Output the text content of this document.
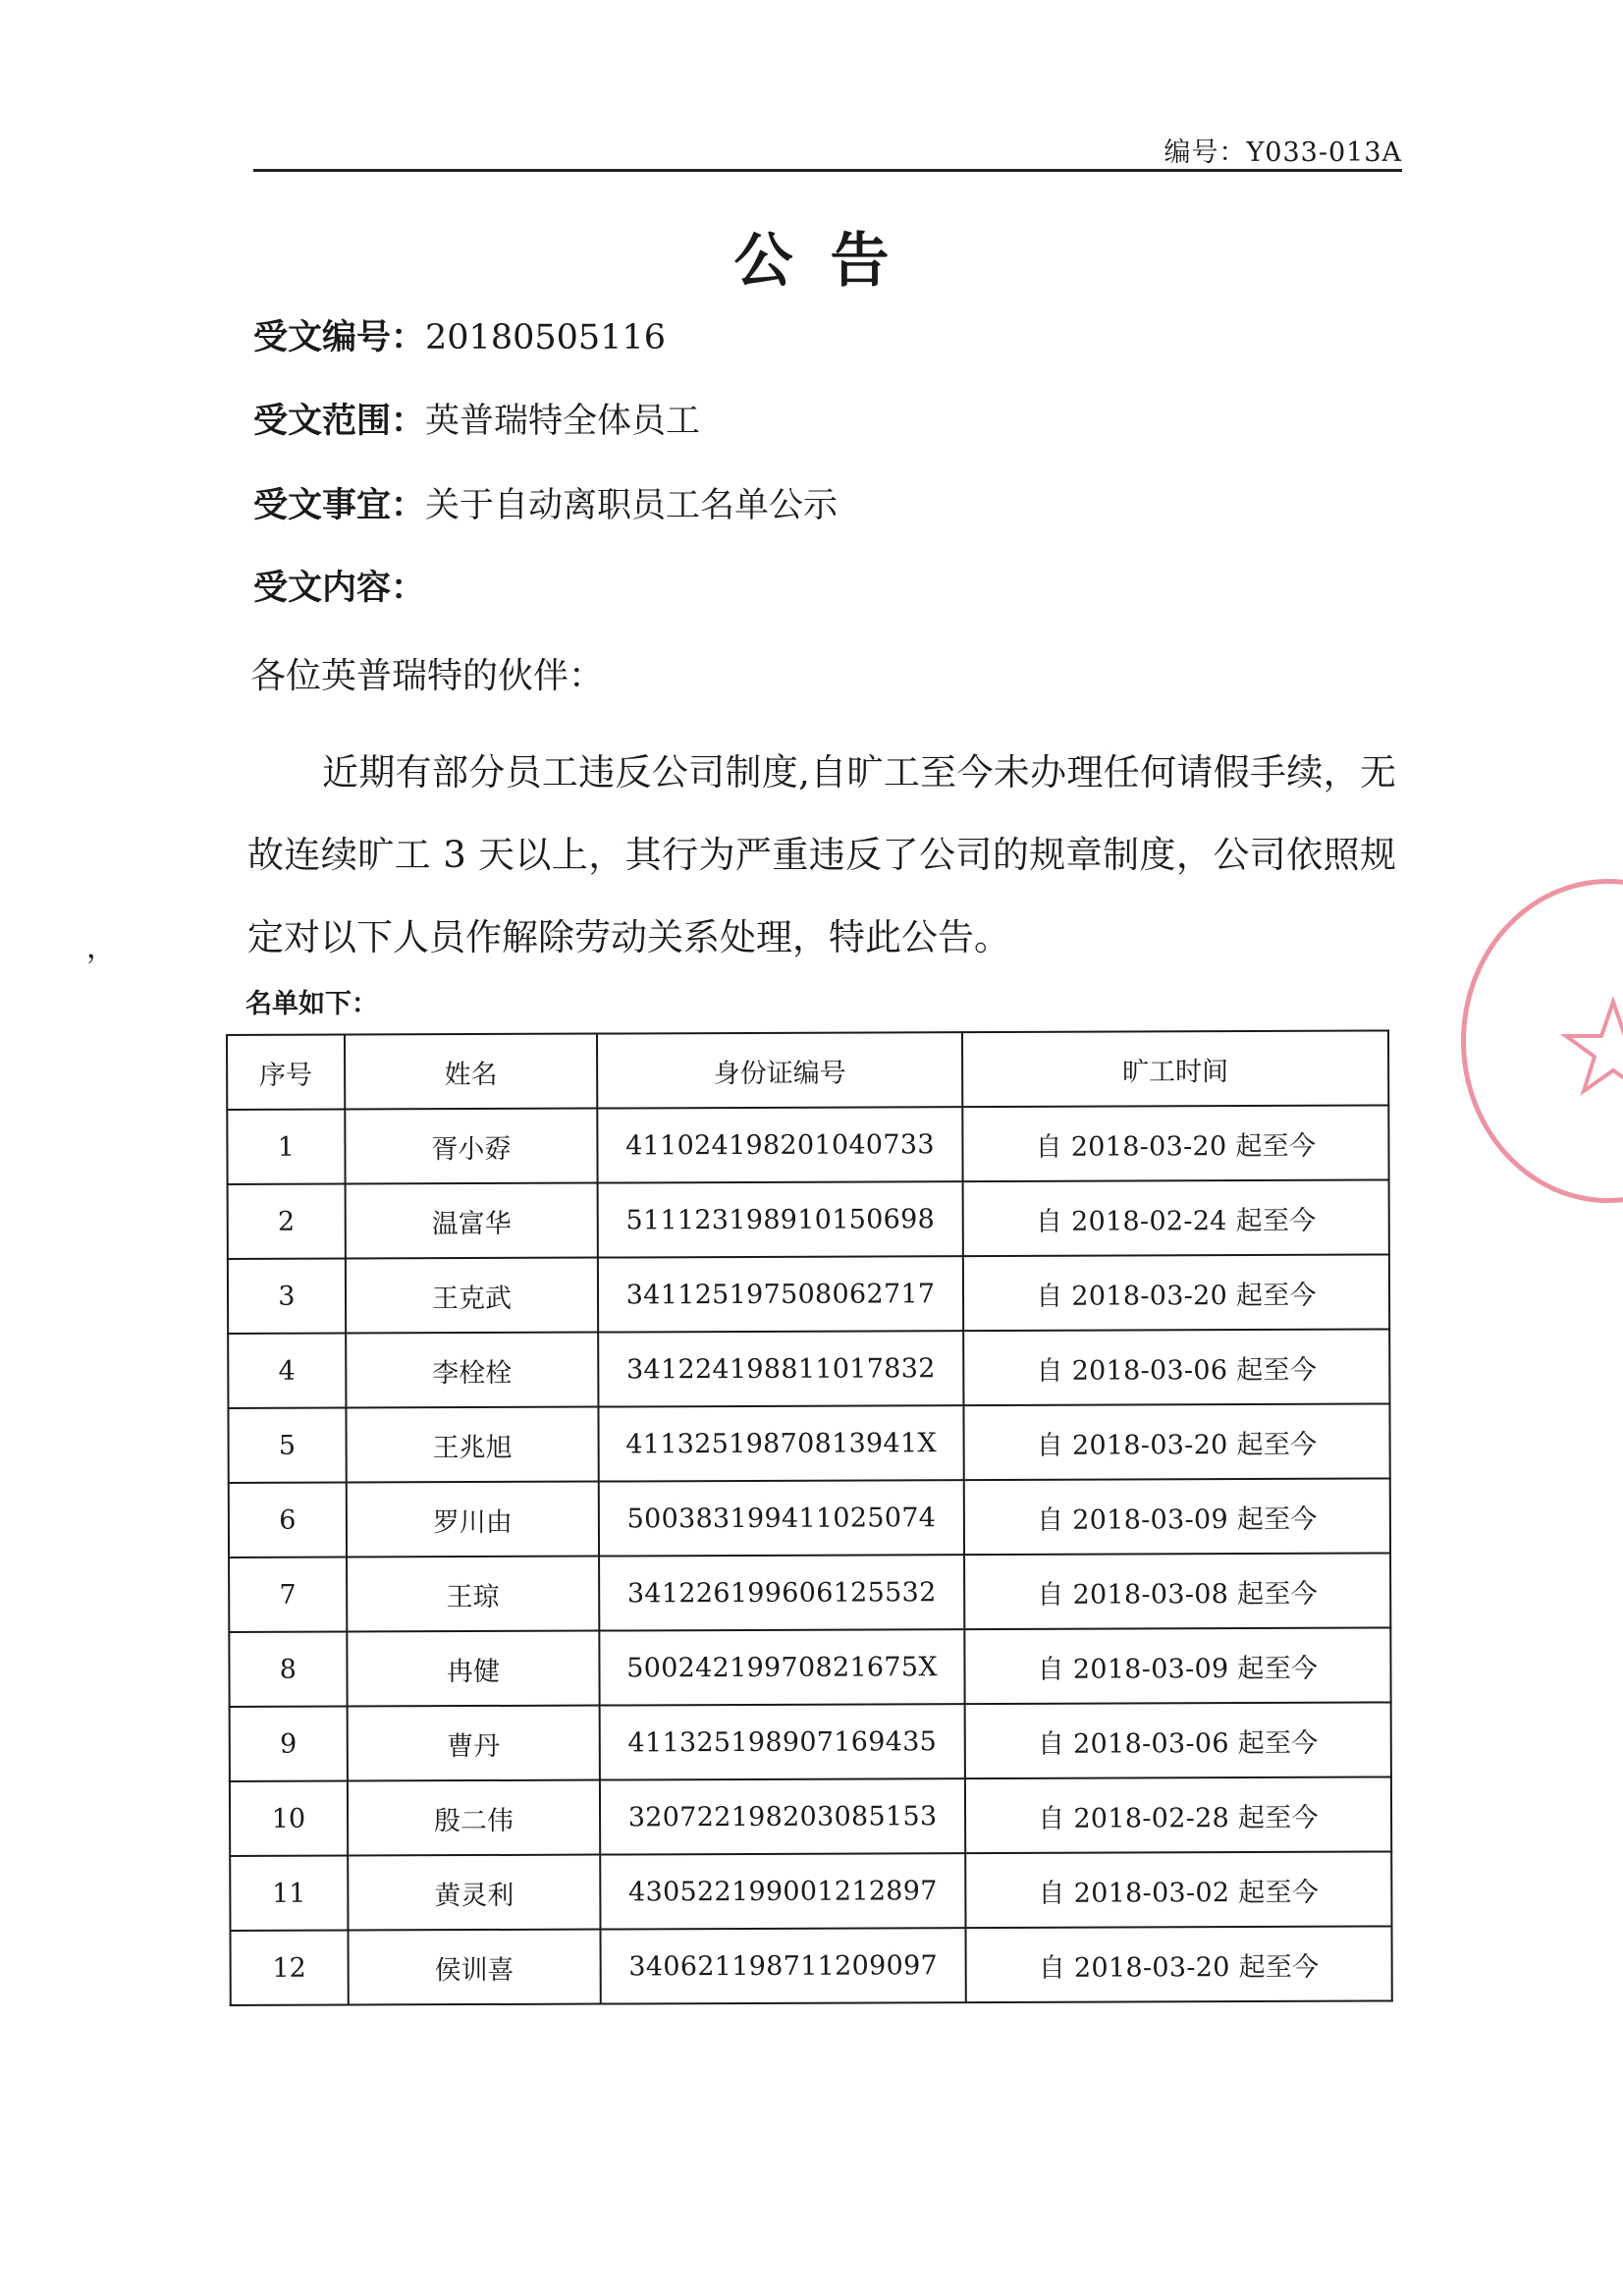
编号：Y033-013A
公告
受文编号：20180505116
受文范围：英普瑞特全体员工
受文事宜：关于自动离职员工名单公示
受文内容：
各位英普瑞特的伙伴：

近期有部分员工违反公司制度,自旷工至今未办理任何请假手续，无故连续旷工 3 天以上，其行为严重违反了公司的规章制度，公司依照规定对以下人员作解除劳动关系处理，特此公告。

，
名单如下：
序号	姓名	身份证编号	旷工时间
1	胥小孬	411024198201040733	自 2018-03-20 起至今
2	温富华	511123198910150698	自 2018-02-24 起至今
3	王克武	341125197508062717	自 2018-03-20 起至今
4	李栓栓	341224198811017832	自 2018-03-06 起至今
5	王兆旭	41132519870813941X	自 2018-03-20 起至今
6	罗川由	500383199411025074	自 2018-03-09 起至今
7	王琼	341226199606125532	自 2018-03-08 起至今
8	冉健	50024219970821675X	自 2018-03-09 起至今
9	曹丹	411325198907169435	自 2018-03-06 起至今
10	殷二伟	320722198203085153	自 2018-02-28 起至今
11	黄灵利	430522199001212897	自 2018-03-02 起至今
12	侯训喜	340621198711209097	自 2018-03-20 起至今
